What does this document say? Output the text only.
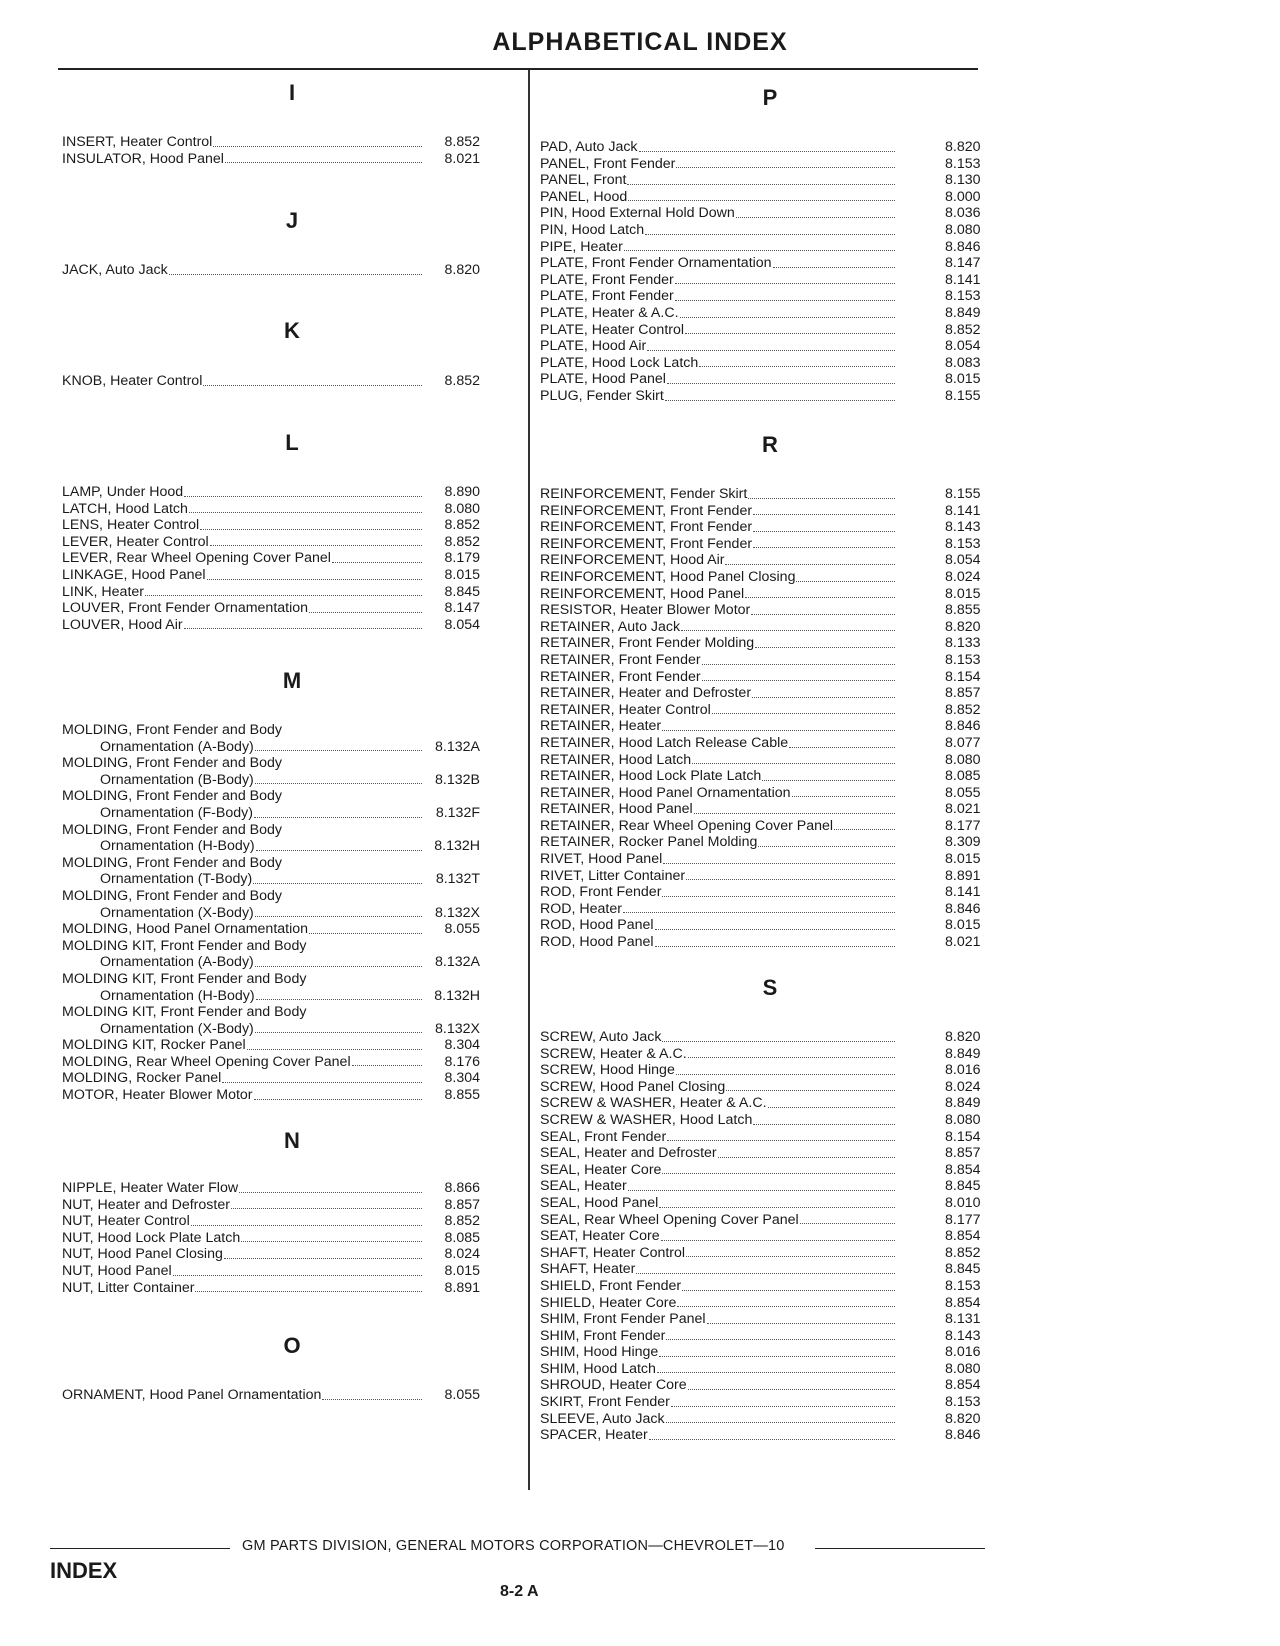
ALPHABETICAL INDEX
I
INSERT, Heater Control	8.852
INSULATOR, Hood Panel	8.021
J
JACK, Auto Jack	8.820
K
KNOB, Heater Control	8.852
L
LAMP, Under Hood	8.890
LATCH, Hood Latch	8.080
LENS, Heater Control	8.852
LEVER, Heater Control	8.852
LEVER, Rear Wheel Opening Cover Panel	8.179
LINKAGE, Hood Panel	8.015
LINK, Heater	8.845
LOUVER, Front Fender Ornamentation	8.147
LOUVER, Hood Air	8.054
M
MOLDING, Front Fender and Body
Ornamentation (A-Body)	8.132A
MOLDING, Front Fender and Body
Ornamentation (B-Body)	8.132B
MOLDING, Front Fender and Body
Ornamentation (F-Body)	8.132F
MOLDING, Front Fender and Body
Ornamentation (H-Body)	8.132H
MOLDING, Front Fender and Body
Ornamentation (T-Body)	8.132T
MOLDING, Front Fender and Body
Ornamentation (X-Body)	8.132X
MOLDING, Hood Panel Ornamentation	8.055
MOLDING KIT, Front Fender and Body
Ornamentation (A-Body)	8.132A
MOLDING KIT, Front Fender and Body
Ornamentation (H-Body)	8.132H
MOLDING KIT, Front Fender and Body
Ornamentation (X-Body)	8.132X
MOLDING KIT, Rocker Panel	8.304
MOLDING, Rear Wheel Opening Cover Panel	8.176
MOLDING, Rocker Panel	8.304
MOTOR, Heater Blower Motor	8.855
N
NIPPLE, Heater Water Flow	8.866
NUT, Heater and Defroster	8.857
NUT, Heater Control	8.852
NUT, Hood Lock Plate Latch	8.085
NUT, Hood Panel Closing	8.024
NUT, Hood Panel	8.015
NUT, Litter Container	8.891
O
ORNAMENT, Hood Panel Ornamentation	8.055
P
PAD, Auto Jack	8.820
PANEL, Front Fender	8.153
PANEL, Front	8.130
PANEL, Hood	8.000
PIN, Hood External Hold Down	8.036
PIN, Hood Latch	8.080
PIPE, Heater	8.846
PLATE, Front Fender Ornamentation	8.147
PLATE, Front Fender	8.141
PLATE, Front Fender	8.153
PLATE, Heater & A.C.	8.849
PLATE, Heater Control	8.852
PLATE, Hood Air	8.054
PLATE, Hood Lock Latch	8.083
PLATE, Hood Panel	8.015
PLUG, Fender Skirt	8.155
R
REINFORCEMENT, Fender Skirt	8.155
REINFORCEMENT, Front Fender	8.141
REINFORCEMENT, Front Fender	8.143
REINFORCEMENT, Front Fender	8.153
REINFORCEMENT, Hood Air	8.054
REINFORCEMENT, Hood Panel Closing	8.024
REINFORCEMENT, Hood Panel	8.015
RESISTOR, Heater Blower Motor	8.855
RETAINER, Auto Jack	8.820
RETAINER, Front Fender Molding	8.133
RETAINER, Front Fender	8.153
RETAINER, Front Fender	8.154
RETAINER, Heater and Defroster	8.857
RETAINER, Heater Control	8.852
RETAINER, Heater	8.846
RETAINER, Hood Latch Release Cable	8.077
RETAINER, Hood Latch	8.080
RETAINER, Hood Lock Plate Latch	8.085
RETAINER, Hood Panel Ornamentation	8.055
RETAINER, Hood Panel	8.021
RETAINER, Rear Wheel Opening Cover Panel	8.177
RETAINER, Rocker Panel Molding	8.309
RIVET, Hood Panel	8.015
RIVET, Litter Container	8.891
ROD, Front Fender	8.141
ROD, Heater	8.846
ROD, Hood Panel	8.015
ROD, Hood Panel	8.021
S
SCREW, Auto Jack	8.820
SCREW, Heater & A.C.	8.849
SCREW, Hood Hinge	8.016
SCREW, Hood Panel Closing	8.024
SCREW & WASHER, Heater & A.C.	8.849
SCREW & WASHER, Hood Latch	8.080
SEAL, Front Fender	8.154
SEAL, Heater and Defroster	8.857
SEAL, Heater Core	8.854
SEAL, Heater	8.845
SEAL, Hood Panel	8.010
SEAL, Rear Wheel Opening Cover Panel	8.177
SEAT, Heater Core	8.854
SHAFT, Heater Control	8.852
SHAFT, Heater	8.845
SHIELD, Front Fender	8.153
SHIELD, Heater Core	8.854
SHIM, Front Fender Panel	8.131
SHIM, Front Fender	8.143
SHIM, Hood Hinge	8.016
SHIM, Hood Latch	8.080
SHROUD, Heater Core	8.854
SKIRT, Front Fender	8.153
SLEEVE, Auto Jack	8.820
SPACER, Heater	8.846
GM PARTS DIVISION, GENERAL MOTORS CORPORATION—CHEVROLET—10
INDEX
8-2 A
